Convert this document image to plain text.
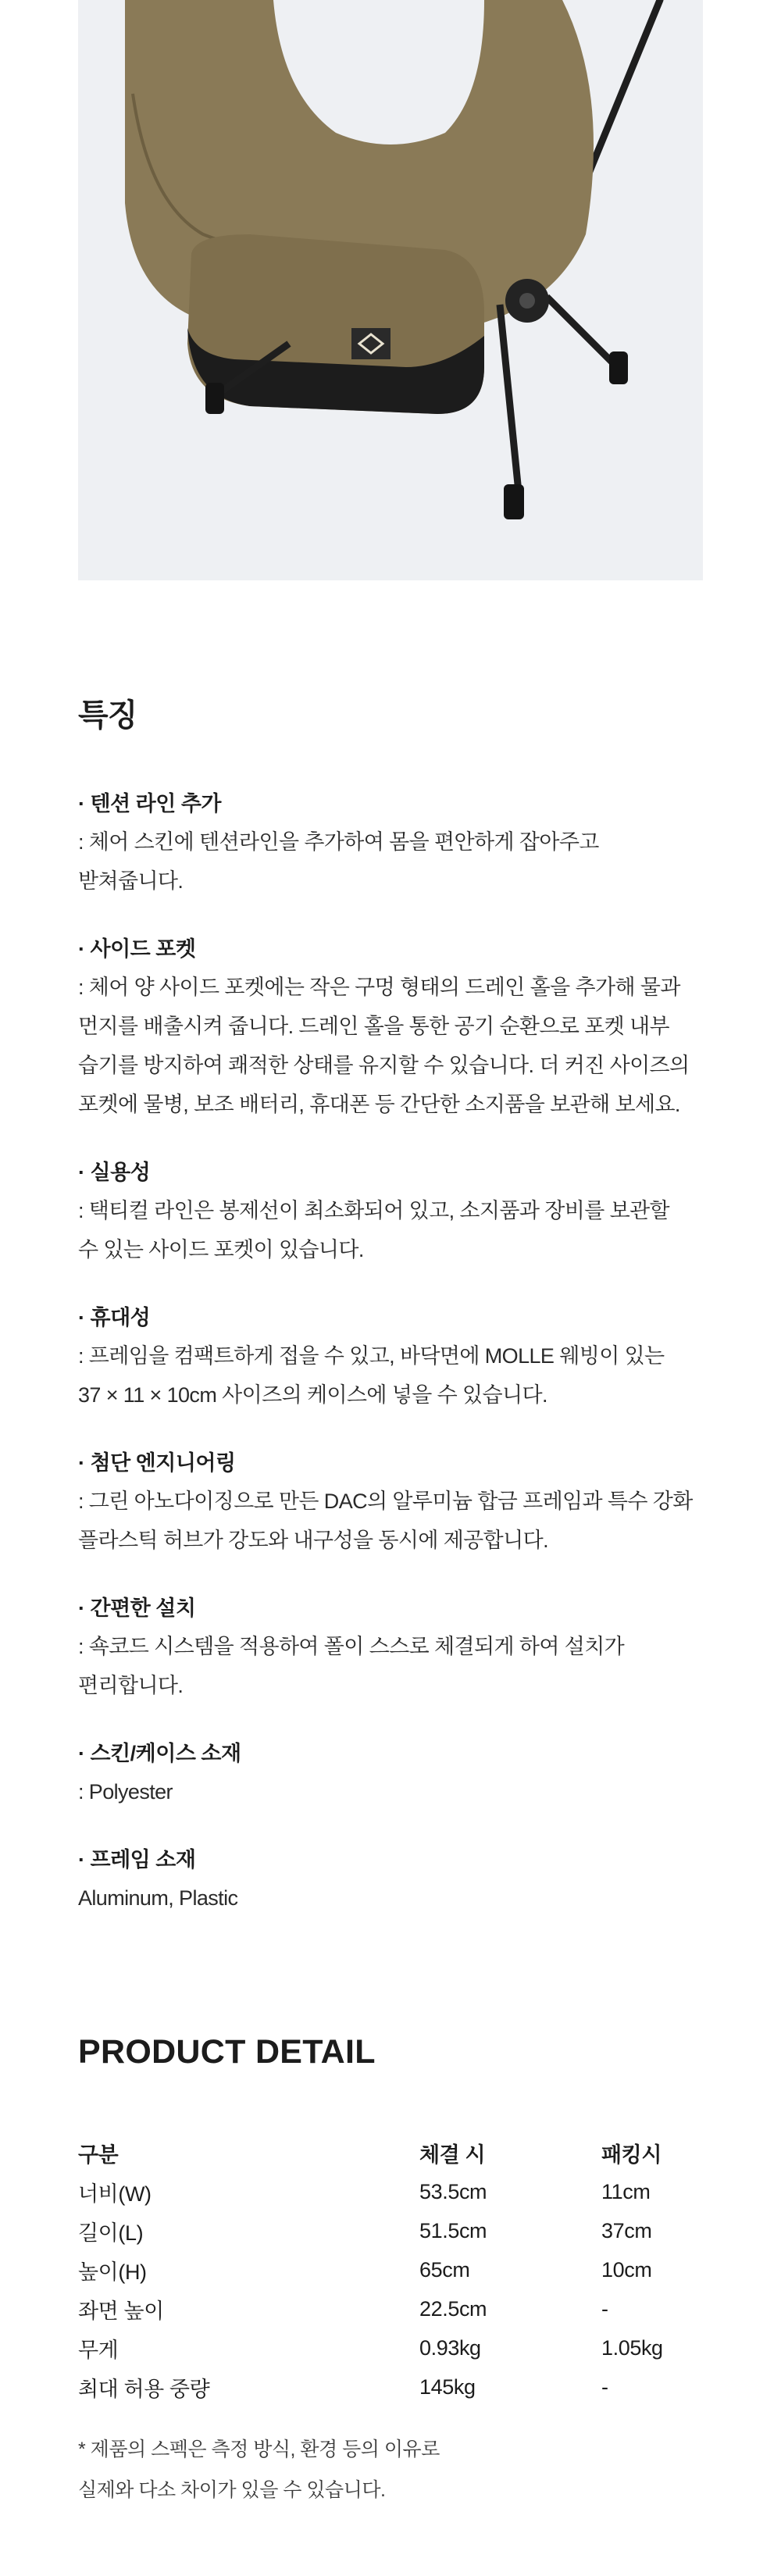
특징
· 텐션 라인 추가
: 체어 스킨에 텐션라인을 추가하여 몸을 편안하게 잡아주고
받쳐줍니다.
· 사이드 포켓
: 체어 양 사이드 포켓에는 작은 구멍 형태의 드레인 홀을 추가해 물과
먼지를 배출시켜 줍니다. 드레인 홀을 통한 공기 순환으로 포켓 내부
습기를 방지하여 쾌적한 상태를 유지할 수 있습니다. 더 커진 사이즈의
포켓에 물병, 보조 배터리, 휴대폰 등 간단한 소지품을 보관해 보세요.
· 실용성
: 택티컬 라인은 봉제선이 최소화되어 있고, 소지품과 장비를 보관할
수 있는 사이드 포켓이 있습니다.
· 휴대성
: 프레임을 컴팩트하게 접을 수 있고, 바닥면에 MOLLE 웨빙이 있는
37 × 11 × 10cm 사이즈의 케이스에 넣을 수 있습니다.
· 첨단 엔지니어링
: 그린 아노다이징으로 만든 DAC의 알루미늄 합금 프레임과 특수 강화
플라스틱 허브가 강도와 내구성을 동시에 제공합니다.
· 간편한 설치
: 쇽코드 시스템을 적용하여 폴이 스스로 체결되게 하여 설치가
편리합니다.
· 스킨/케이스 소재
: Polyester
· 프레임 소재
Aluminum, Plastic
PRODUCT DETAIL
구분	체결 시	패킹시
너비(W)	53.5cm	11cm
길이(L)	51.5cm	37cm
높이(H)	65cm	10cm
좌면 높이	22.5cm	-
무게	0.93kg	1.05kg
최대 허용 중량	145kg	-
* 제품의 스펙은 측정 방식, 환경 등의 이유로
실제와 다소 차이가 있을 수 있습니다.
